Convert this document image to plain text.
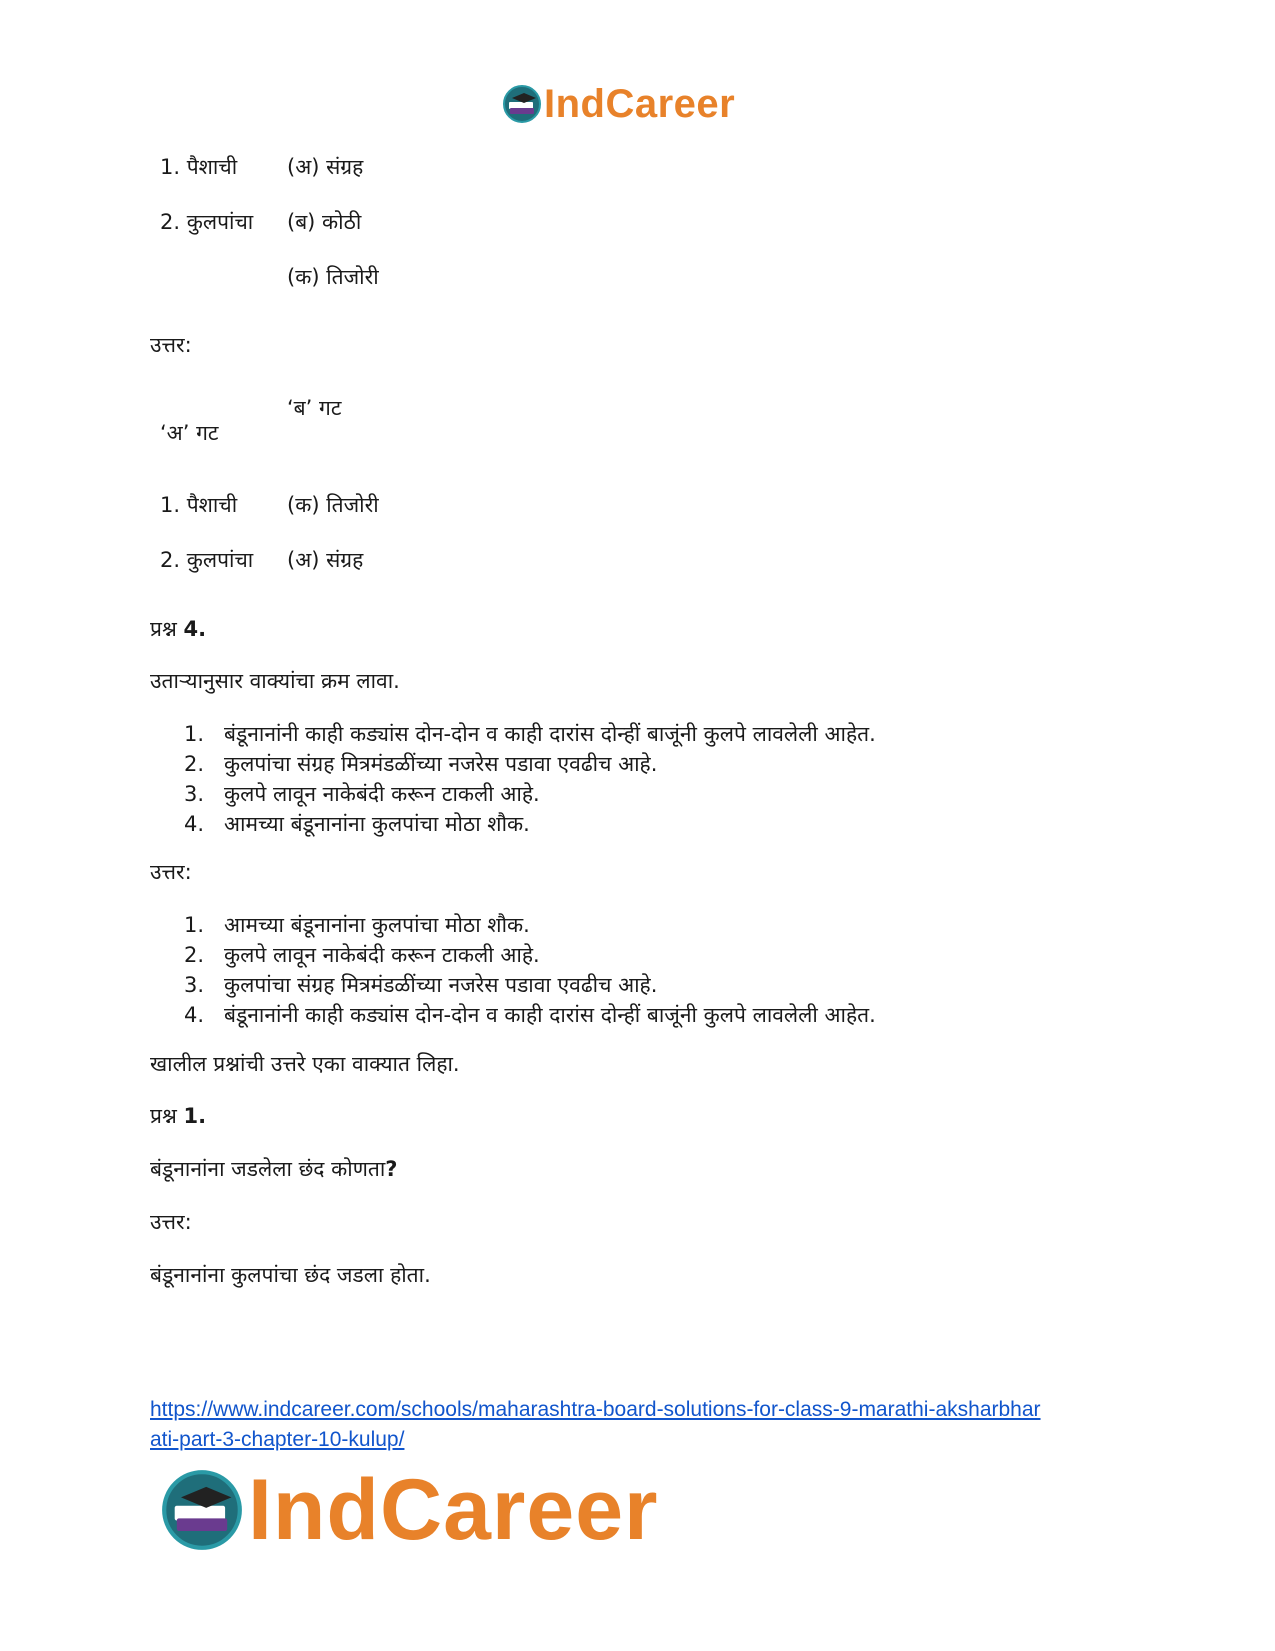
IndCareer
1. पैशाची (अ) संग्रह
2. कुलपांचा (ब) कोठी
(क) तिजोरी
उत्तर:
‘ब’ गट
‘अ’ गट
1. पैशाची (क) तिजोरी
2. कुलपांचा (अ) संग्रह
प्रश्न 4.
उताऱ्यानुसार वाक्यांचा क्रम लावा.
1. बंडूनानांनी काही कड्यांस दोन-दोन व काही दारांस दोन्हीं बाजूंनी कुलपे लावलेली आहेत.
2. कुलपांचा संग्रह मित्रमंडळींच्या नजरेस पडावा एवढीच आहे.
3. कुलपे लावून नाकेबंदी करून टाकली आहे.
4. आमच्या बंडूनानांना कुलपांचा मोठा शौक.
उत्तर:
1. आमच्या बंडूनानांना कुलपांचा मोठा शौक.
2. कुलपे लावून नाकेबंदी करून टाकली आहे.
3. कुलपांचा संग्रह मित्रमंडळींच्या नजरेस पडावा एवढीच आहे.
4. बंडूनानांनी काही कड्यांस दोन-दोन व काही दारांस दोन्हीं बाजूंनी कुलपे लावलेली आहेत.
खालील प्रश्नांची उत्तरे एका वाक्यात लिहा.
प्रश्न 1.
बंडूनानांना जडलेला छंद कोणता?
उत्तर:
बंडूनानांना कुलपांचा छंद जडला होता.
https://www.indcareer.com/schools/maharashtra-board-solutions-for-class-9-marathi-aksharbhar
ati-part-3-chapter-10-kulup/
IndCareer
